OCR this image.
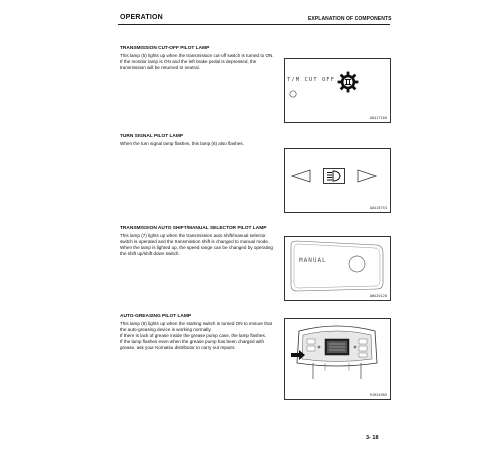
OPERATION	EXPLANATION OF COMPONENTS
TRANSMISSION CUT-OFF PILOT LAMP

This lamp (5) lights up when the transmission cut-off switch is turned to ON.

If the monitor lamp is ON and the left brake pedal is depressed, the transmission will be returned to neutral.

T/M CUT OFF
AD417160
TURN SIGNAL PILOT LAMP

When the turn signal lamp flashes, this lamp (6) also flashes.

AD416753
TRANSMISSION AUTO SHIFT/MANUAL SELECTOR PILOT LAMP

This lamp (7) lights up when the transmission auto shift/manual selector switch is operated and the transmission shift is changed to manual mode.

When the lamp is lighted up, the speed range can be changed by operating the shift up/shift down switch.

MANUAL
AW420120
AUTO-GREASING PILOT LAMP

This lamp (8) lights up when the starting switch is turned ON to ensure that the auto-greasing device is working normally.

If there is lack of grease inside the grease pump case, the lamp flashes.

If the lamp flashes even when the grease pump has been charged with grease, ask your Komatsu distributor to carry out repairs.

9JH34985
3- 18
